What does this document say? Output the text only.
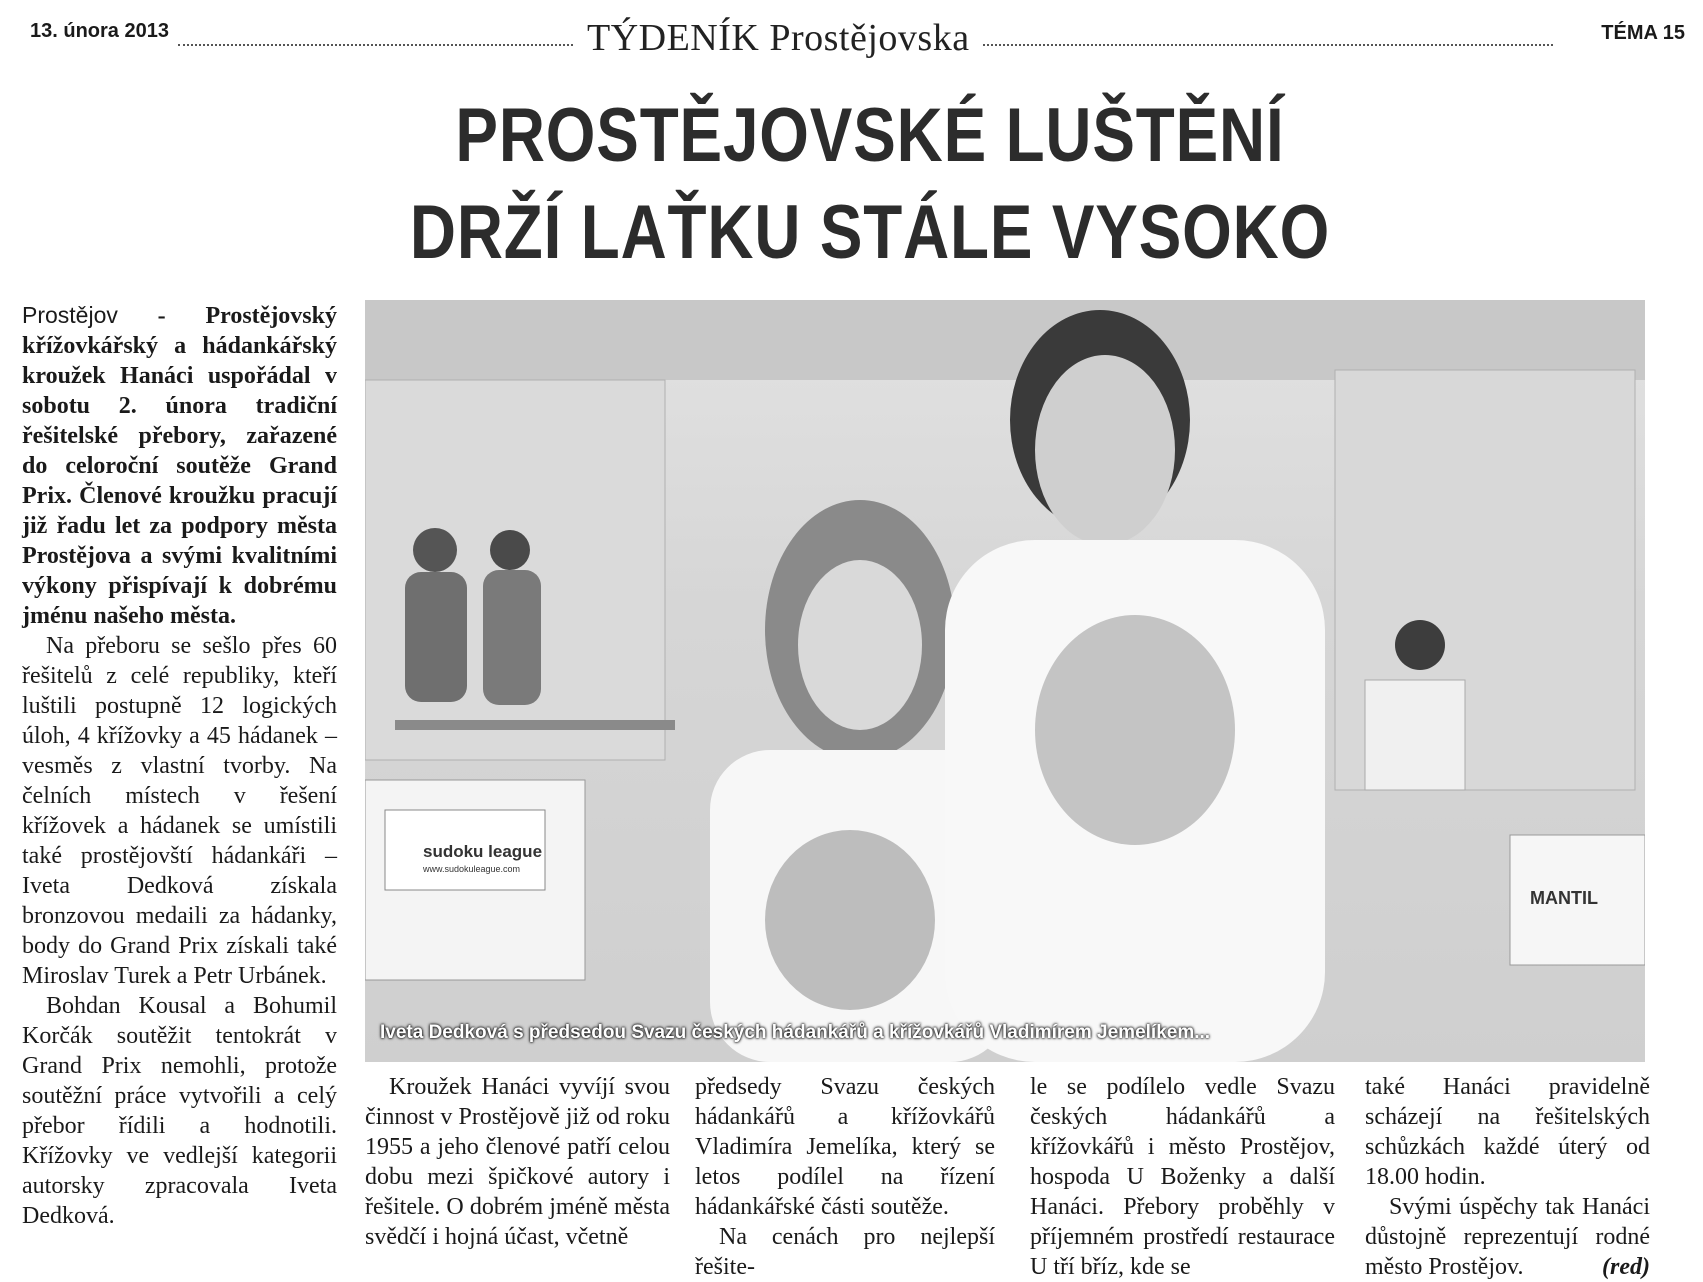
13. února 2013	TÝDENÍK Prostějovska	TÉMA 15
PROSTĚJOVSKÉ LUŠTĚNÍ
DRŽÍ LAŤKU STÁLE VYSOKO

Prostějov - Prostějovský křížovkářský a hádankářský kroužek Hanáci uspořádal v sobotu 2. února tradiční řešitelské přebory, zařazené do celoroční soutěže Grand Prix. Členové kroužku pracují již řadu let za podpory města Prostějova a svými kvalitními výkony přispívají k dobrému jménu našeho města.

Na přeboru se sešlo přes 60 řešitelů z celé republiky, kteří luštili postupně 12 logických úloh, 4 křížovky a 45 hádanek – vesměs z vlastní tvorby. Na čelních místech v řešení křížovek a hádanek se umístili také prostějovští hádankáři – Iveta Dedková získala bronzovou medaili za hádanky, body do Grand Prix získali také Miroslav Turek a Petr Urbánek.

Bohdan Kousal a Bohumil Korčák soutěžit tentokrát v Grand Prix nemohli, protože soutěžní práce vytvořili a celý přebor řídili a hodnotili. Křížovky ve vedlejší kategorii autorsky zpracovala Iveta Dedková.

sudoku league
www.sudokuleague.com
MANTIL
Iveta Dedková s předsedou Svazu českých hádankářů a křížovkářů Vladimírem Jemelíkem...

Kroužek Hanáci vyvíjí svou činnost v Prostějově již od roku 1955 a jeho členové patří celou dobu mezi špičkové autory i řešitele. O dobrém jméně města svědčí i hojná účast, včetně

předsedy Svazu českých hádankářů a křížovkářů Vladimíra Jemelíka, který se letos podílel na řízení hádankářské části soutěže.

Na cenách pro nejlepší řešite-

le se podílelo vedle Svazu českých hádankářů a křížovkářů i město Prostějov, hospoda U Boženky a další Hanáci. Přebory proběhly v příjemném prostředí restaurace U tří bříz, kde se

také Hanáci pravidelně scházejí na řešitelských schůzkách každé úterý od 18.00 hodin.

Svými úspěchy tak Hanáci důstojně reprezentují rodné město Prostějov.	(red)
